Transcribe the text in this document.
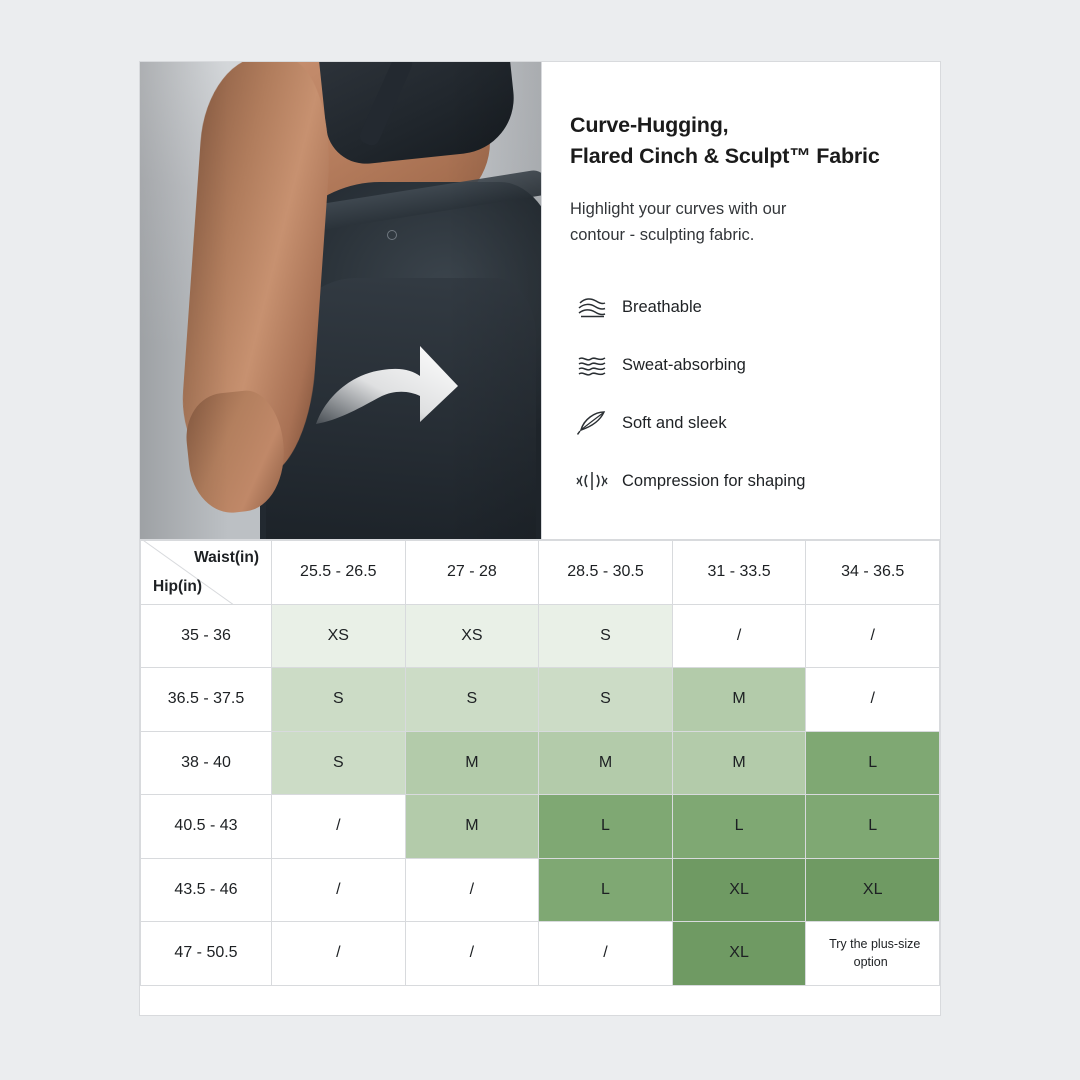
Curve-Hugging,
Flared Cinch & Sculpt™ Fabric
Highlight your curves with our
contour - sculpting fabric.
Breathable
Sweat-absorbing
Soft and sleek
Compression for shaping
Waist(in)
Hip(in)	25.5 - 26.5	27 - 28	28.5 - 30.5	31 - 33.5	34 - 36.5
35 - 36	XS	XS	S	/	/
36.5 - 37.5	S	S	S	M	/
38 - 40	S	M	M	M	L
40.5 - 43	/	M	L	L	L
43.5 - 46	/	/	L	XL	XL
47 - 50.5	/	/	/	XL	Try the plus-size option
